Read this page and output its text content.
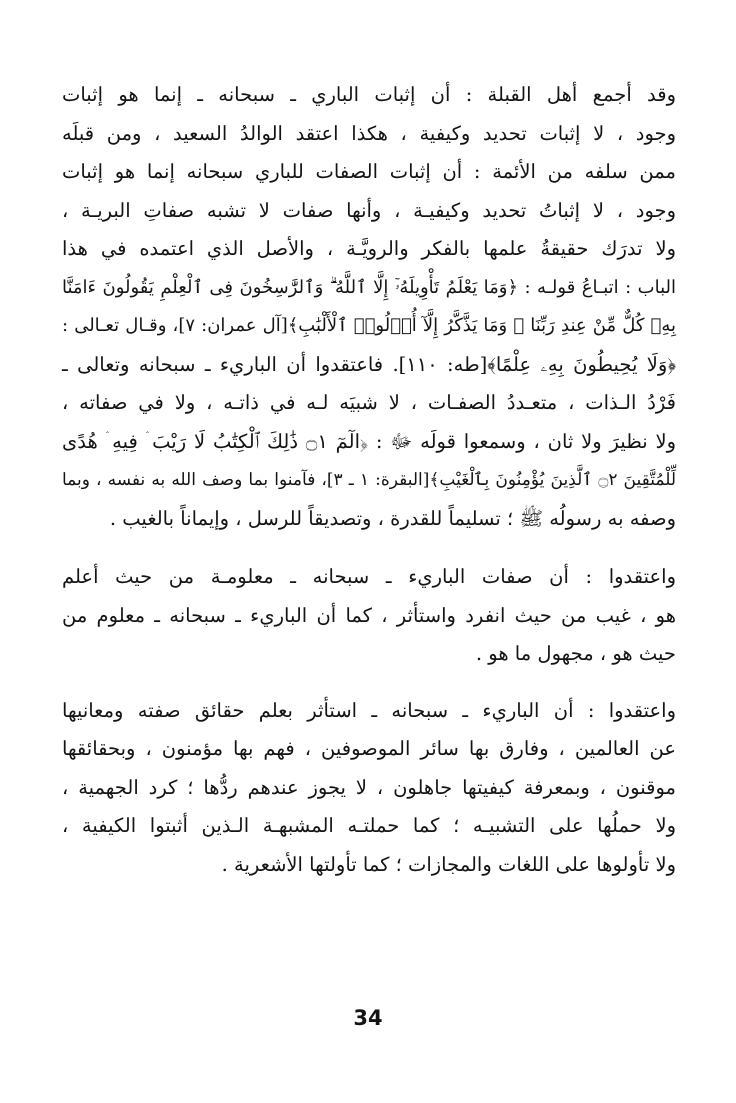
وقد أجمع أهل القبلة : أن إثبات الباري ـ سبحانه ـ إنما هو إثبات
وجود ، لا إثبات تحديد وكيفية ، هكذا اعتقد الوالدُ السعيد ، ومن قبلَه
ممن سلفه من الأئمة : أن إثبات الصفات للباري سبحانه إنما هو إثبات
وجود ، لا إثباتُ تحديد وكيفيـة ، وأنها صفات لا تشبه صفاتِ البريـة ،
ولا تدرَك حقيقةُ علمها بالفكر والرويَّـة ، والأصل الذي اعتمده في هذا
الباب : اتبـاعُ قولـه : ﴿وَمَا يَعْلَمُ تَأْوِيلَهُۥٓ إِلَّا ٱللَّهُ ۗ وَٱلرَّٰسِخُونَ فِى ٱلْعِلْمِ يَقُولُونَ ءَامَنَّا
بِهِۦ كُلٌّ مِّنْ عِندِ رَبِّنَا ۗ وَمَا يَذَّكَّرُ إِلَّآ أُو۟لُوا۟ ٱلْأَلْبَٰبِ﴾[آل عمران: ٧]، وقـال تعـالى :
﴿وَلَا يُحِيطُونَ بِهِۦ عِلْمًا﴾[طه: ١١٠]. فاعتقدوا أن الباريء ـ سبحانه وتعالى ـ
فَرْدُ الـذات ، متعـددُ الصفـات ، لا شبيَه لـه في ذاتـه ، ولا في صفاته ،
ولا نظيرَ ولا ثان ، وسمعوا قولَه ﷻ : ﴿الٓمٓ ۝١ ذَٰلِكَ ٱلْكِتَٰبُ لَا رَيْبَ ۛ فِيهِ ۛ هُدًى
لِّلْمُتَّقِينَ ۝٢ ٱلَّذِينَ يُؤْمِنُونَ بِٱلْغَيْبِ﴾[البقرة: ١ ـ ٣]، فآمنوا بما وصف الله به نفسه ، وبما
وصفه به رسولُه ﷺ ؛ تسليماً للقدرة ، وتصديقاً للرسل ، وإيماناً بالغيب .

واعتقدوا : أن صفات الباريء ـ سبحانه ـ معلومـة من حيث أعلم
هو ، غيب من حيث انفرد واستأثر ، كما أن الباريء ـ سبحانه ـ معلوم من
حيث هو ، مجهول ما هو .

واعتقدوا : أن الباريء ـ سبحانه ـ استأثر بعلم حقائق صفته ومعانيها
عن العالمين ، وفارق بها سائر الموصوفين ، فهم بها مؤمنون ، وبحقائقها
موقنون ، وبمعرفة كيفيتها جاهلون ، لا يجوز عندهم ردُّها ؛ كرد الجهمية ،
ولا حملُها على التشبيـه ؛ كما حملتـه المشبهـة الـذين أثبتوا الكيفية ،
ولا تأولوها على اللغات والمجازات ؛ كما تأولتها الأشعرية .

34
